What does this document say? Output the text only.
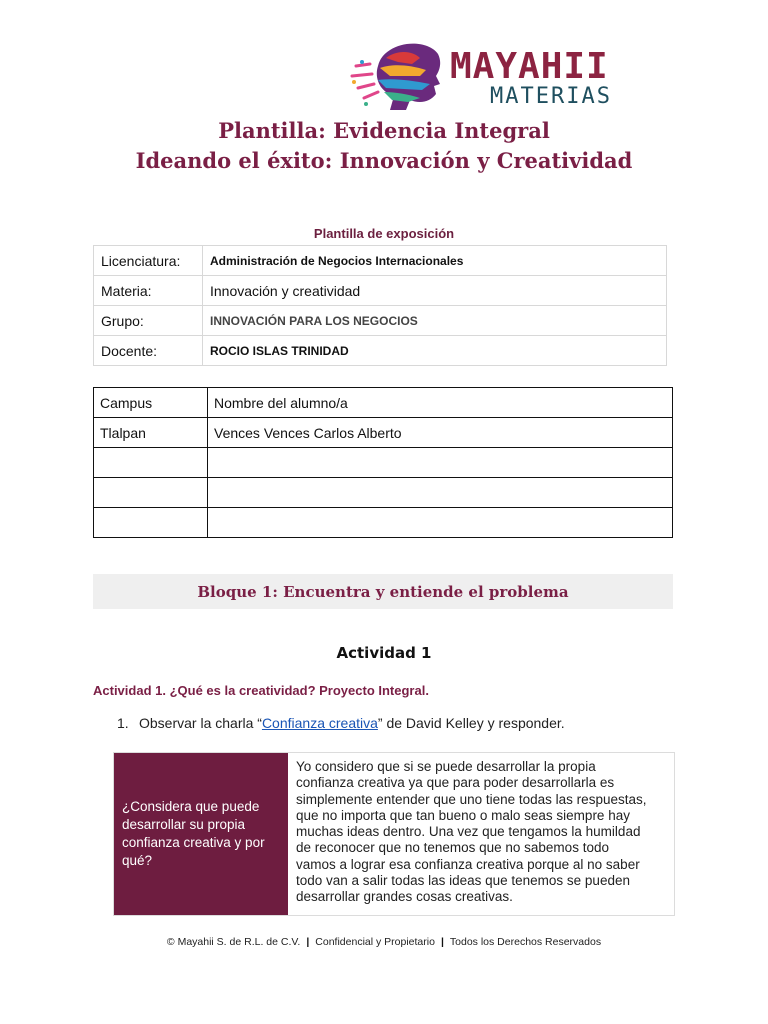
MAYAHII
MATERIAS
Plantilla: Evidencia Integral
Ideando el éxito: Innovación y Creatividad
Plantilla de exposición
Licenciatura:	Administración de Negocios Internacionales
Materia:	Innovación y creatividad
Grupo:	INNOVACIÓN PARA LOS NEGOCIOS
Docente:	ROCIO ISLAS TRINIDAD
Campus	Nombre del alumno/a
Tlalpan	Vences Vences Carlos Alberto

Bloque 1: Encuentra y entiende el problema
Actividad 1
Actividad 1. ¿Qué es la creatividad? Proyecto Integral.
1. Observar la charla “Confianza creativa” de David Kelley y responder.
¿Considera que puede desarrollar su propia confianza creativa y por qué?
Yo considero que si se puede desarrollar la propia
confianza creativa ya que para poder desarrollarla es
simplemente entender que uno tiene todas las respuestas,
que no importa que tan bueno o malo seas siempre hay
muchas ideas dentro. Una vez que tengamos la humildad
de reconocer que no tenemos que no sabemos todo
vamos a lograr esa confianza creativa porque al no saber
todo van a salir todas las ideas que tenemos se pueden
desarrollar grandes cosas creativas.
© Mayahii S. de R.L. de C.V. | Confidencial y Propietario | Todos los Derechos Reservados
